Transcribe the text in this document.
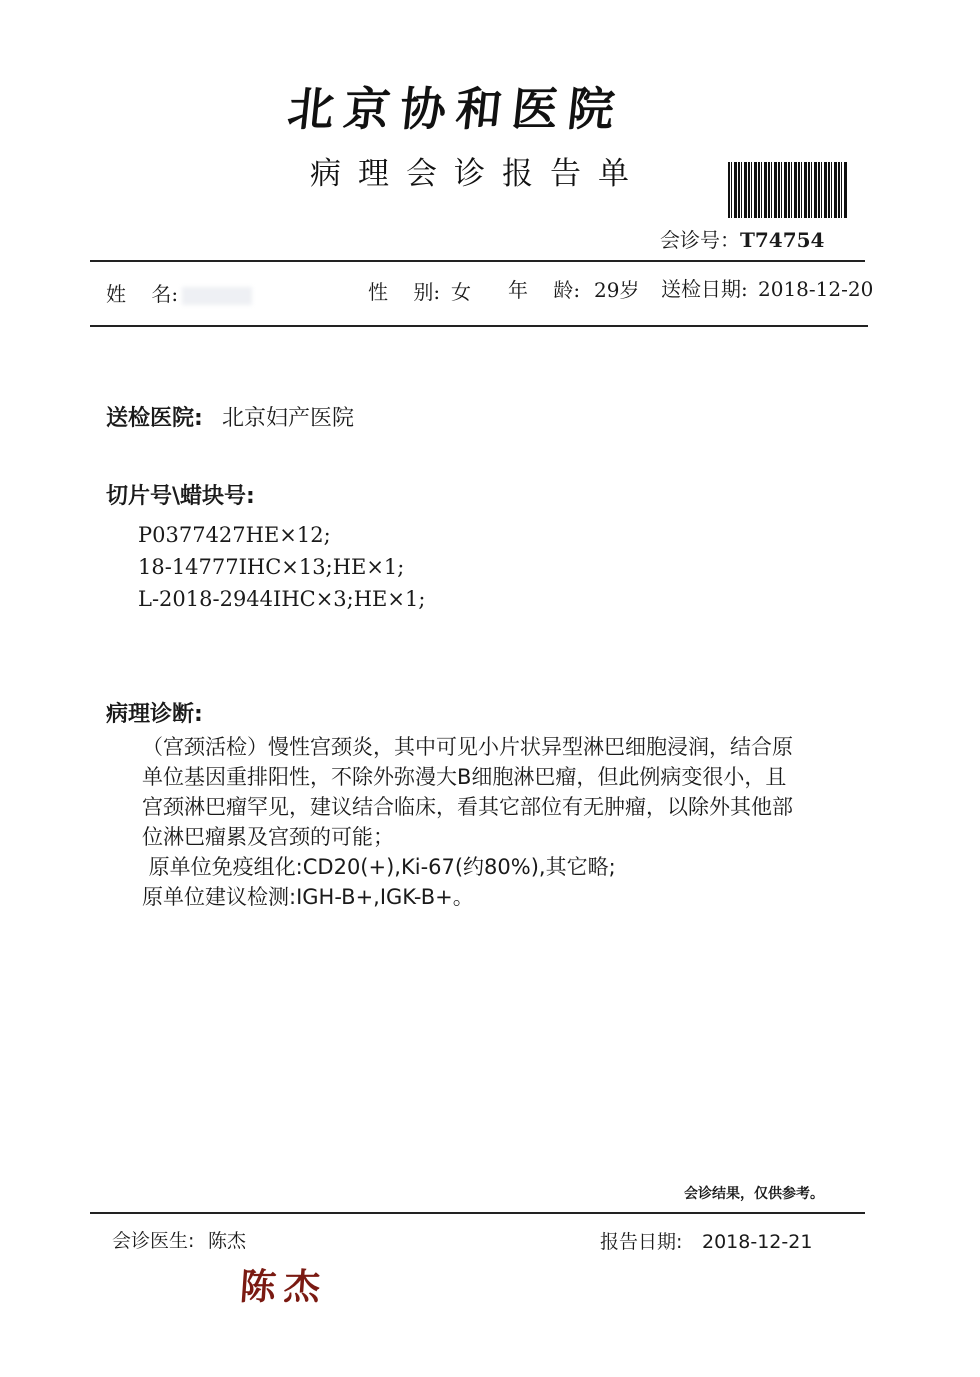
北京协和医院
病理会诊报告单
会诊号：T74754
姓    名:	性    别: 女 年    龄: 29岁 送检日期: 2018-12-20
送检医院: 北京妇产医院
切片号\蜡块号:
P0377427HE×12;
18-14777IHC×13;HE×1;
L-2018-2944IHC×3;HE×1;
病理诊断:
（宫颈活检）慢性宫颈炎，其中可见小片状异型淋巴细胞浸润，结合原
单位基因重排阳性，不除外弥漫大B细胞淋巴瘤，但此例病变很小，且
宫颈淋巴瘤罕见，建议结合临床，看其它部位有无肿瘤，以除外其他部
位淋巴瘤累及宫颈的可能；
原单位免疫组化:CD20(+),Ki-67(约80%),其它略;
原单位建议检测:IGH-B+,IGK-B+。
会诊结果，仅供参考。
会诊医生: 陈杰	报告日期: 2018-12-21
陈杰
